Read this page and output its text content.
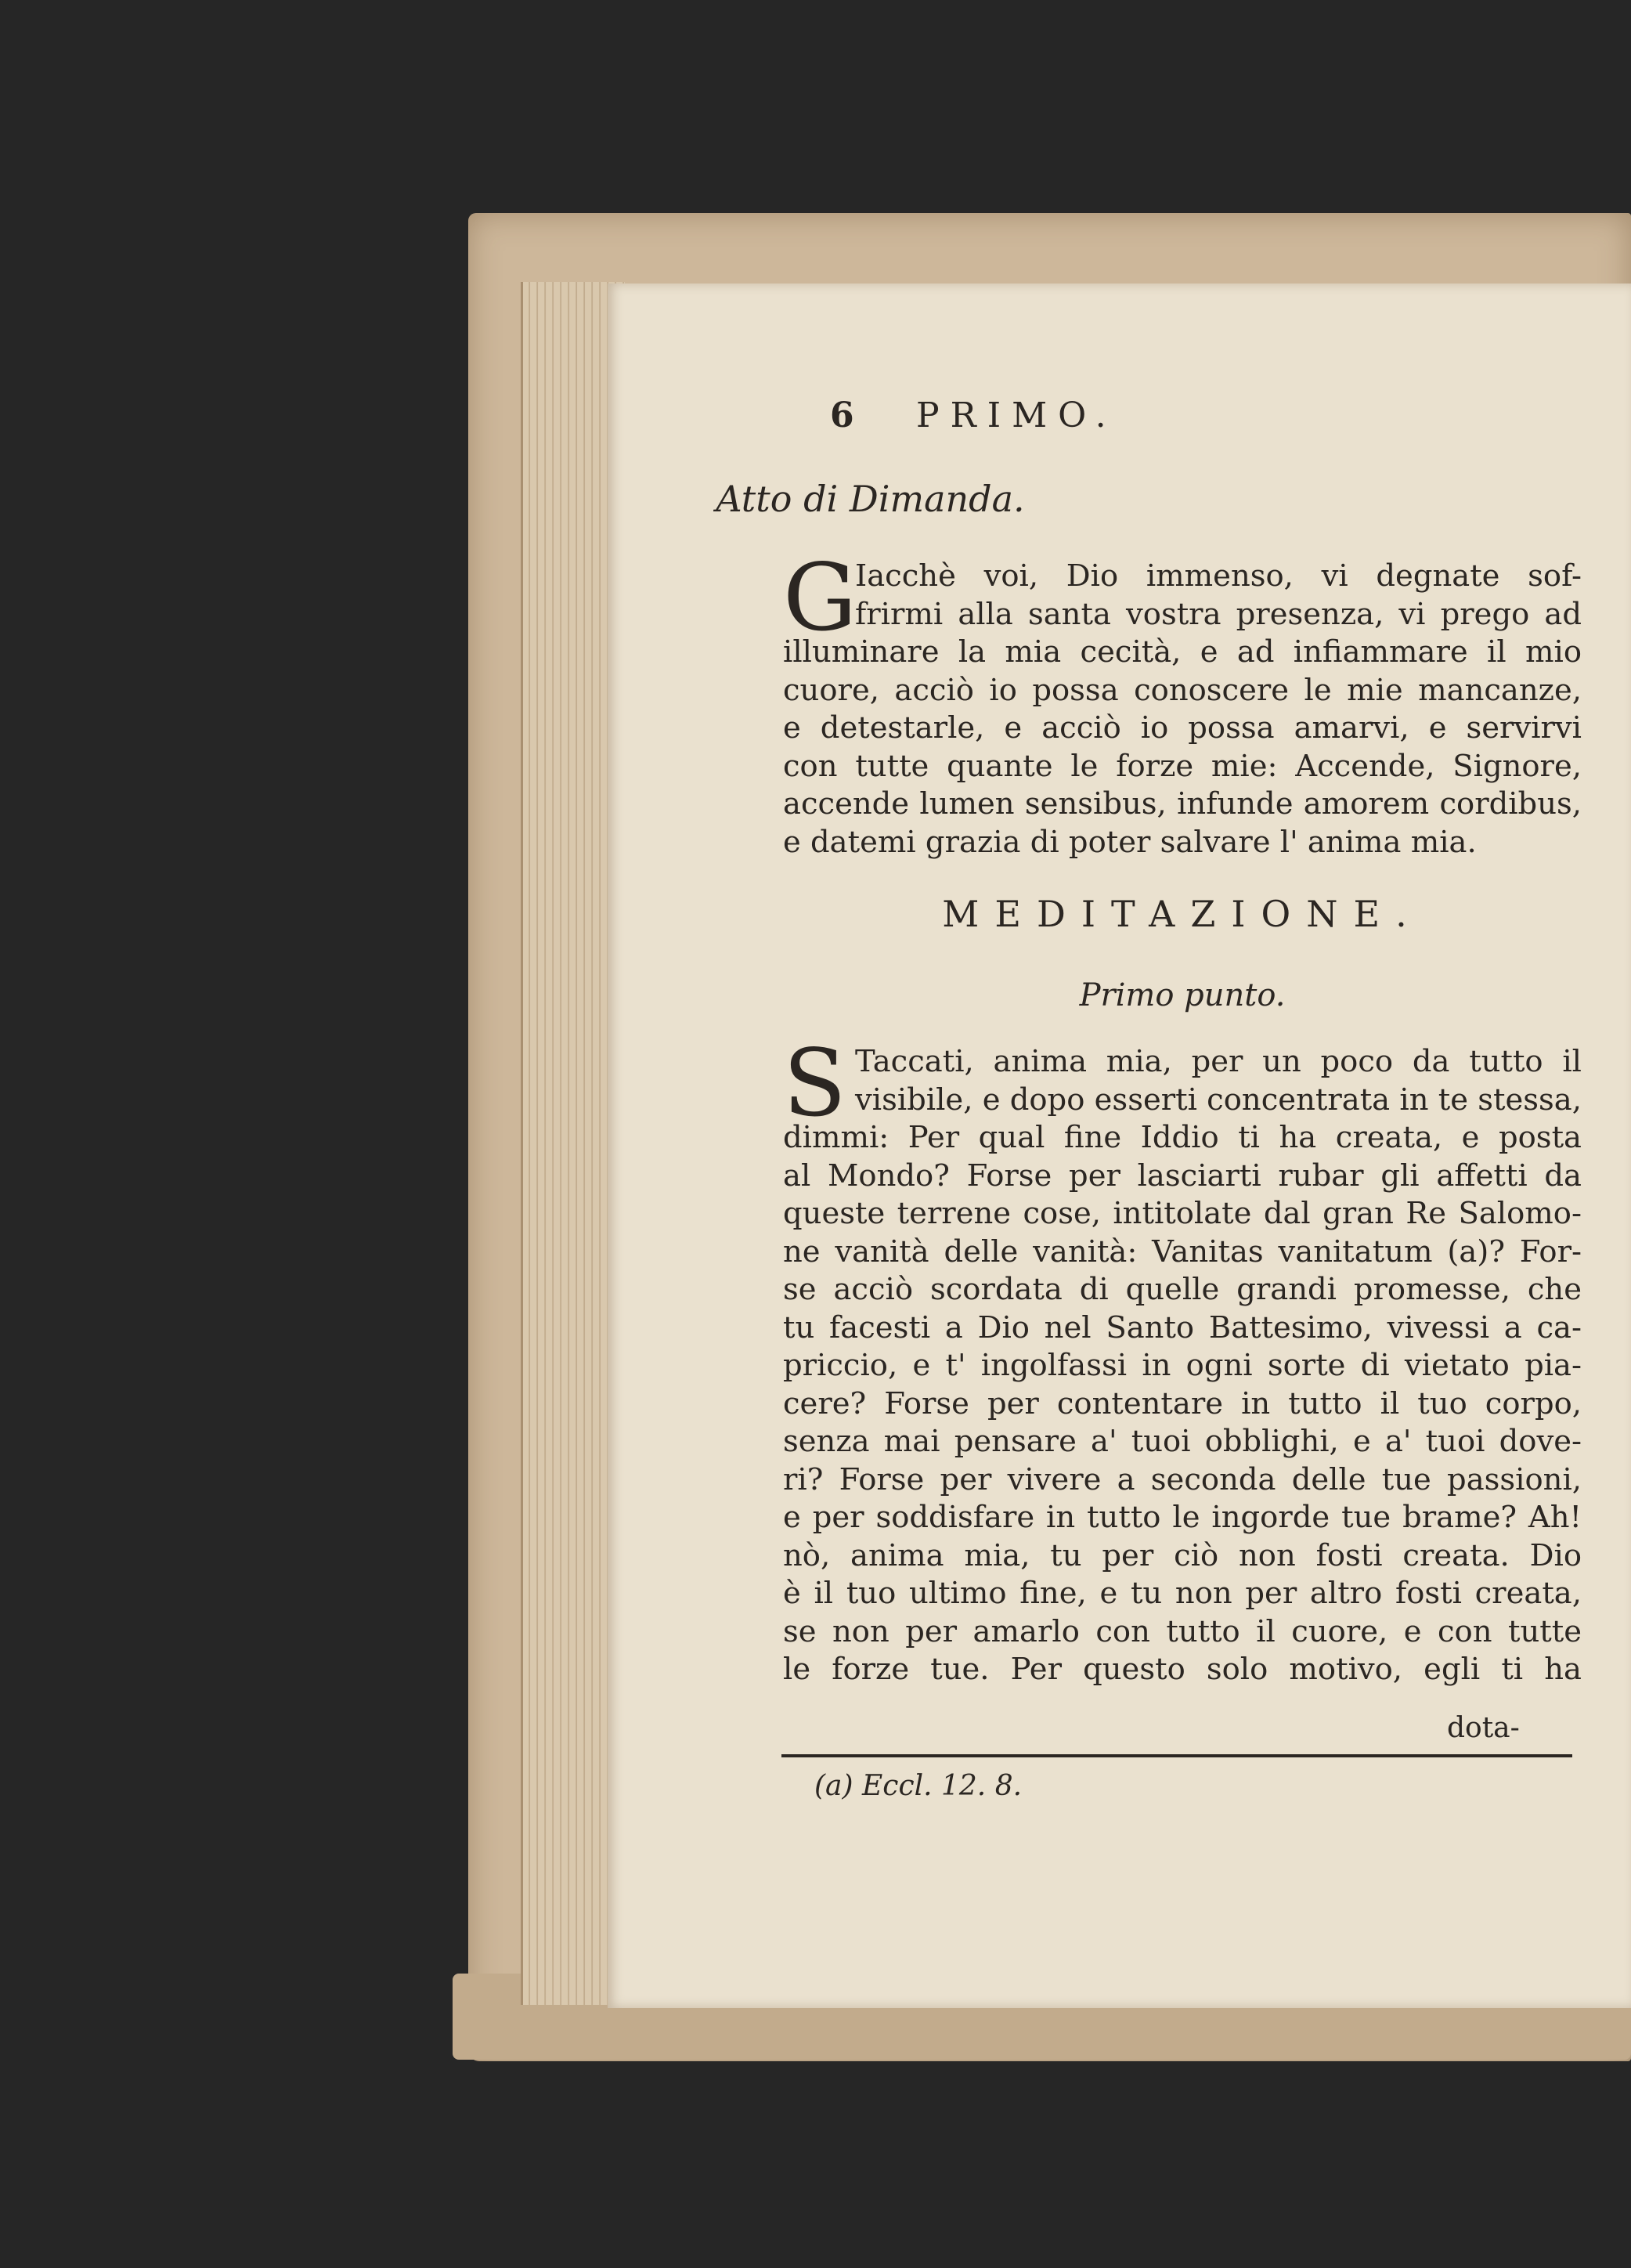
6 PRIMO.
Atto di Dimanda.
G
Iacchè voi, Dio immenso, vi degnate sof-
frirmi alla santa vostra presenza, vi prego ad
illuminare la mia cecità, e ad infiammare il mio
cuore, acciò io possa conoscere le mie mancanze,
e detestarle, e acciò io possa amarvi, e servirvi
con tutte quante le forze mie: Accende, Signore,
accende lumen sensibus, infunde amorem cordibus,
e datemi grazia di poter salvare l' anima mia.
MEDITAZIONE.
Primo punto.
S Taccati, anima mia, per un poco da tutto il
visibile, e dopo esserti concentrata in te stessa,
dimmi: Per qual fine Iddio ti ha creata, e posta
al Mondo? Forse per lasciarti rubar gli affetti da
queste terrene cose, intitolate dal gran Re Salomo-
ne vanità delle vanità: Vanitas vanitatum (a)? For-
se acciò scordata di quelle grandi promesse, che
tu facesti a Dio nel Santo Battesimo, vivessi a ca-
priccio, e t' ingolfassi in ogni sorte di vietato pia-
cere? Forse per contentare in tutto il tuo corpo,
senza mai pensare a' tuoi obblighi, e a' tuoi dove-
ri? Forse per vivere a seconda delle tue passioni,
e per soddisfare in tutto le ingorde tue brame? Ah!
nò, anima mia, tu per ciò non fosti creata. Dio
è il tuo ultimo fine, e tu non per altro fosti creata,
se non per amarlo con tutto il cuore, e con tutte
le forze tue. Per questo solo motivo, egli ti ha
dota-
(a) Eccl. 12. 8.
